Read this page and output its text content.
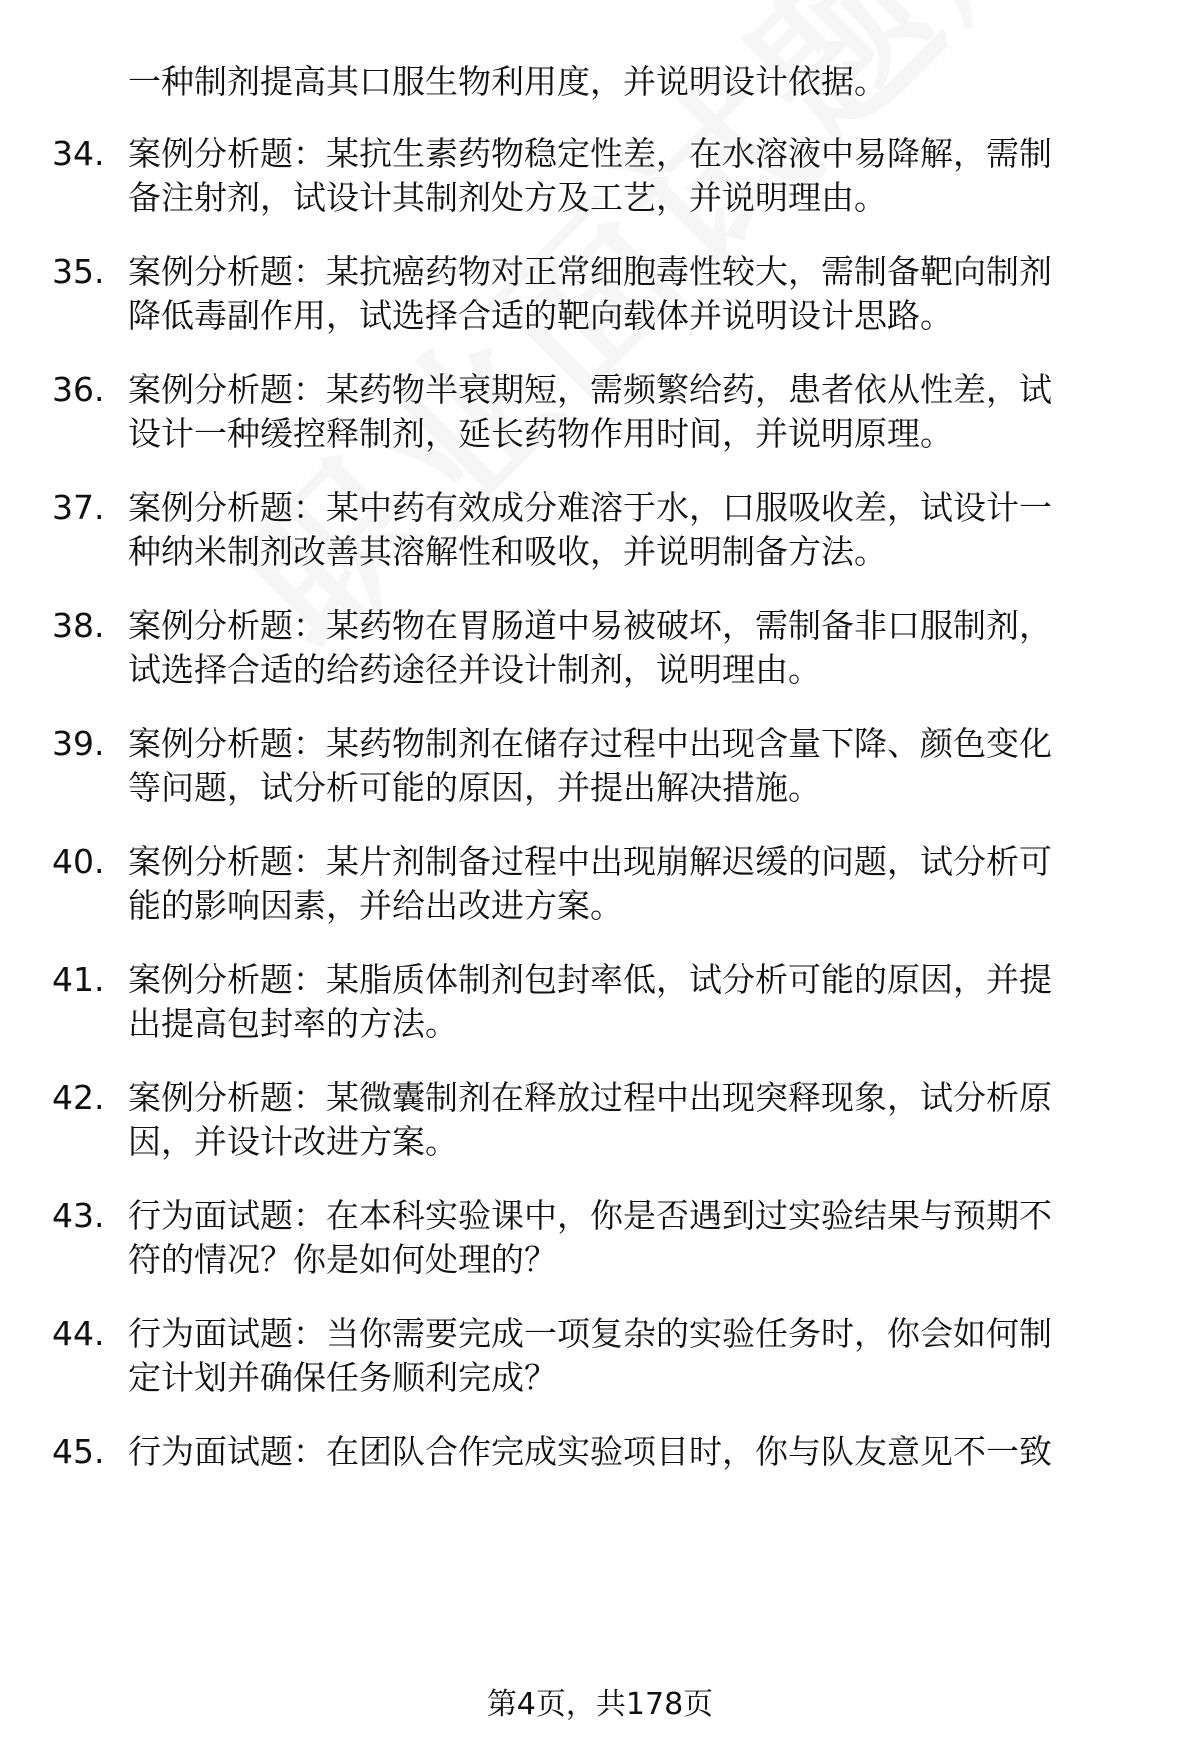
一种制剂提高其口服生物利用度，并说明设计依据。
34. 案例分析题：某抗生素药物稳定性差，在水溶液中易降解，需制
备注射剂，试设计其制剂处方及工艺，并说明理由。
35. 案例分析题：某抗癌药物对正常细胞毒性较大，需制备靶向制剂
降低毒副作用，试选择合适的靶向载体并说明设计思路。
36. 案例分析题：某药物半衰期短，需频繁给药，患者依从性差，试
设计一种缓控释制剂，延长药物作用时间，并说明原理。
37. 案例分析题：某中药有效成分难溶于水，口服吸收差，试设计一
种纳米制剂改善其溶解性和吸收，并说明制备方法。
38. 案例分析题：某药物在胃肠道中易被破坏，需制备非口服制剂，
试选择合适的给药途径并设计制剂，说明理由。
39. 案例分析题：某药物制剂在储存过程中出现含量下降、颜色变化
等问题，试分析可能的原因，并提出解决措施。
40. 案例分析题：某片剂制备过程中出现崩解迟缓的问题，试分析可
能的影响因素，并给出改进方案。
41. 案例分析题：某脂质体制剂包封率低，试分析可能的原因，并提
出提高包封率的方法。
42. 案例分析题：某微囊制剂在释放过程中出现突释现象，试分析原
因，并设计改进方案。
43. 行为面试题：在本科实验课中，你是否遇到过实验结果与预期不
符的情况？你是如何处理的？
44. 行为面试题：当你需要完成一项复杂的实验任务时，你会如何制
定计划并确保任务顺利完成？
45. 行为面试题：在团队合作完成实验项目时，你与队友意见不一致
第4页，共178页
